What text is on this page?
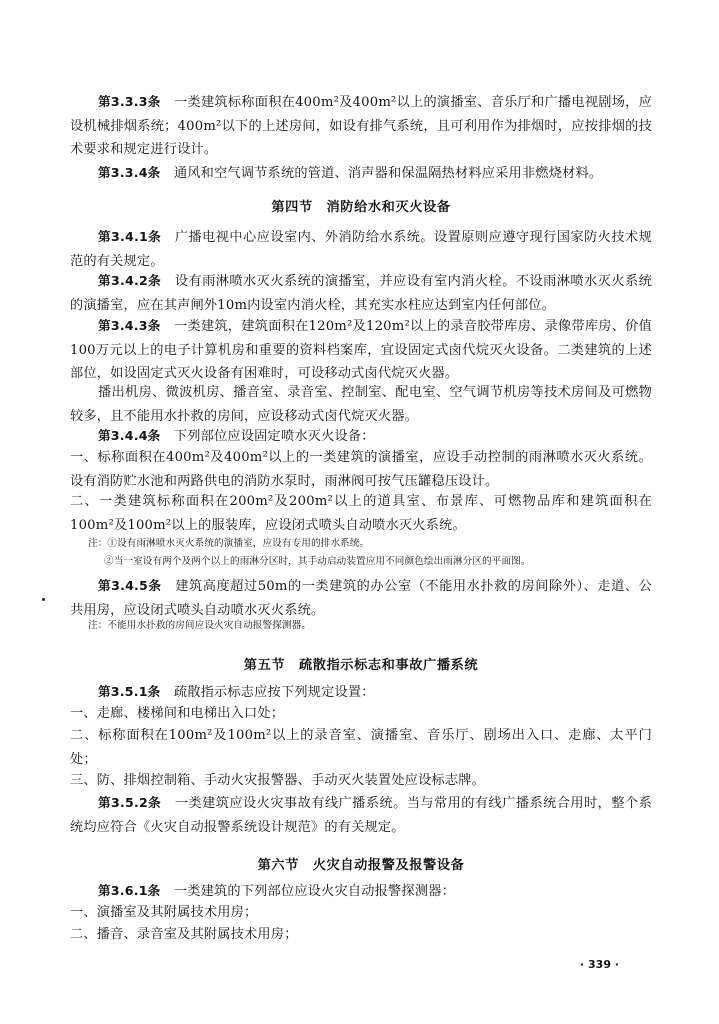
第3.3.3条　 一类建筑标称面积在400m²及400m²以上的演播室、音乐厅和广播电视剧场，应设机械排烟系统；400m²以下的上述房间，如设有排气系统，且可利用作为排烟时，应按排烟的技术要求和规定进行设计。

第3.3.4条　 通风和空气调节系统的管道、消声器和保温隔热材料应采用非燃烧材料。

第四节　消防给水和灭火设备

第3.4.1条　 广播电视中心应设室内、外消防给水系统。设置原则应遵守现行国家防火技术规范的有关规定。

第3.4.2条　 设有雨淋喷水灭火系统的演播室，并应设有室内消火栓。不设雨淋喷水灭火系统的演播室，应在其声闸外10m内设室内消火栓，其充实水柱应达到室内任何部位。

第3.4.3条　 一类建筑，建筑面积在120m²及120m²以上的录音胶带库房、录像带库房、价值100万元以上的电子计算机房和重要的资料档案库，宜设固定式卤代烷灭火设备。二类建筑的上述部位，如设固定式灭火设备有困难时，可设移动式卤代烷灭火器。

播出机房、微波机房、播音室、录音室、控制室、配电室、空气调节机房等技术房间及可燃物较多，且不能用水扑救的房间，应设移动式卤代烷灭火器。

第3.4.4条　 下列部位应设固定喷水灭火设备：

一、标称面积在400m²及400m²以上的一类建筑的演播室，应设手动控制的雨淋喷水灭火系统。设有消防贮水池和两路供电的消防水泵时，雨淋阀可按气压罐稳压设计。

二、一类建筑标称面积在200m²及200m²以上的道具室、布景库、可燃物品库和建筑面积在100m²及100m²以上的服装库，应设闭式喷头自动喷水灭火系统。

注：①设有雨淋喷水灭火系统的演播室，应设有专用的排水系统。

②当一室设有两个及两个以上的雨淋分区时，其手动启动装置应用不同颜色绘出雨淋分区的平面图。

第3.4.5条　 建筑高度超过50m的一类建筑的办公室（不能用水扑救的房间除外）、走道、公共用房，应设闭式喷头自动喷水灭火系统。

注：不能用水扑救的房间应设火灾自动报警探测器。

第五节　疏散指示标志和事故广播系统

第3.5.1条　 疏散指示标志应按下列规定设置：

一、走廊、楼梯间和电梯出入口处；

二、标称面积在100m²及100m²以上的录音室、演播室、音乐厅、剧场出入口、走廊、太平门处；

三、防、排烟控制箱、手动火灾报警器、手动灭火装置处应设标志牌。

第3.5.2条　 一类建筑应设火灾事故有线广播系统。当与常用的有线广播系统合用时，整个系统均应符合《火灾自动报警系统设计规范》的有关规定。

第六节　火灾自动报警及报警设备

第3.6.1条　 一类建筑的下列部位应设火灾自动报警探测器：

一、演播室及其附属技术用房；

二、播音、录音室及其附属技术用房；

· 339 ·
